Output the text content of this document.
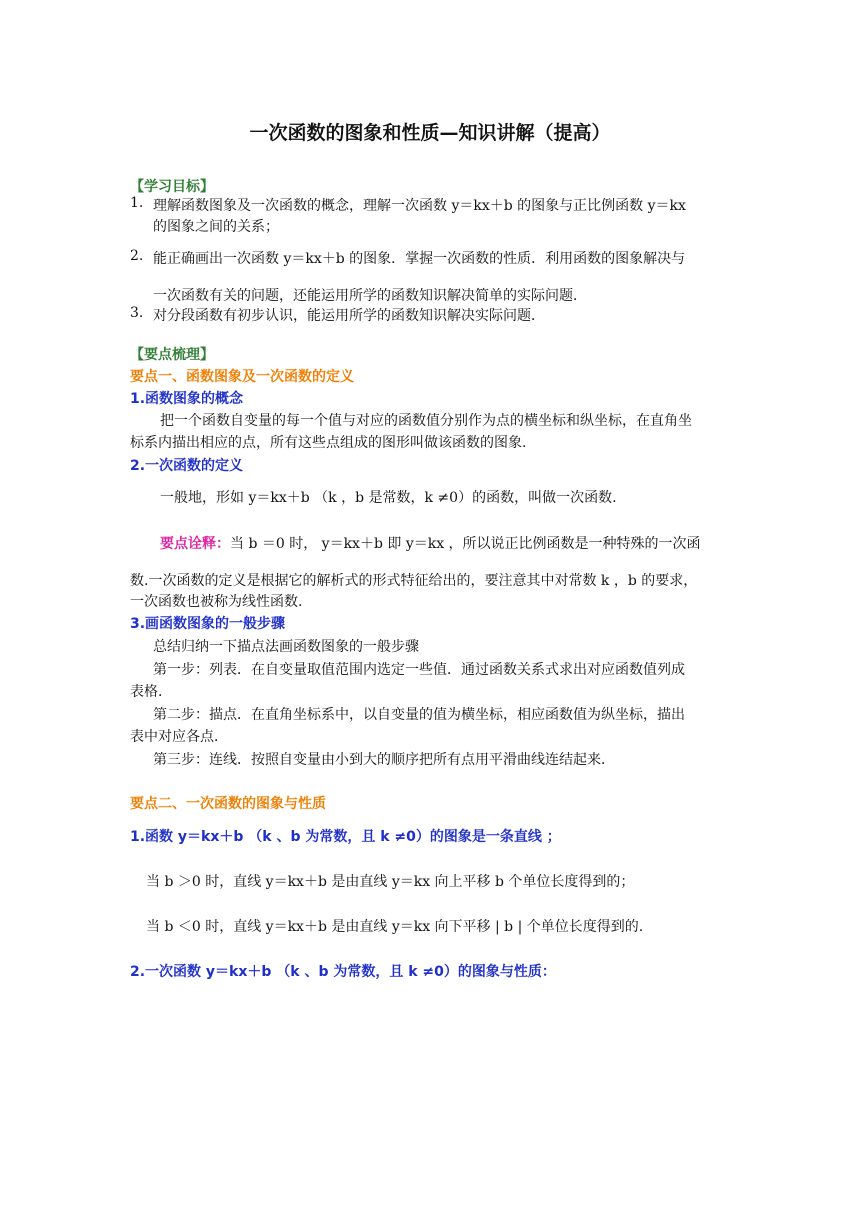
一次函数的图象和性质—知识讲解（提高）
【学习目标】
1. 理解函数图象及一次函数的概念，理解一次函数 y＝kx＋b 的图象与正比例函数 y＝kx
的图象之间的关系；
2. 能正确画出一次函数 y＝kx＋b 的图象．掌握一次函数的性质．利用函数的图象解决与
一次函数有关的问题，还能运用所学的函数知识解决简单的实际问题．
3. 对分段函数有初步认识，能运用所学的函数知识解决实际问题．
【要点梳理】
要点一、函数图象及一次函数的定义
1.函数图象的概念
把一个函数自变量的每一个值与对应的函数值分别作为点的横坐标和纵坐标，在直角坐
标系内描出相应的点，所有这些点组成的图形叫做该函数的图象.
2.一次函数的定义
一般地，形如 y＝kx＋b （k ，b 是常数，k ≠0）的函数，叫做一次函数.
要点诠释：当 b ＝0 时， y＝kx＋b 即 y＝kx ，所以说正比例函数是一种特殊的一次函
数.一次函数的定义是根据它的解析式的形式特征给出的，要注意其中对常数 k ，b 的要求，
一次函数也被称为线性函数.
3.画函数图象的一般步骤
总结归纳一下描点法画函数图象的一般步骤
第一步：列表．在自变量取值范围内选定一些值．通过函数关系式求出对应函数值列成
表格．
第二步：描点．在直角坐标系中，以自变量的值为横坐标，相应函数值为纵坐标，描出
表中对应各点．
第三步：连线．按照自变量由小到大的顺序把所有点用平滑曲线连结起来．
要点二、一次函数的图象与性质
1.函数 y＝kx＋b （k 、b 为常数，且 k ≠0）的图象是一条直线 ；
当 b ＞0 时，直线 y＝kx＋b 是由直线 y＝kx 向上平移 b 个单位长度得到的；
当 b ＜0 时，直线 y＝kx＋b 是由直线 y＝kx 向下平移 | b | 个单位长度得到的.
2.一次函数 y＝kx＋b （k 、b 为常数，且 k ≠0）的图象与性质：
